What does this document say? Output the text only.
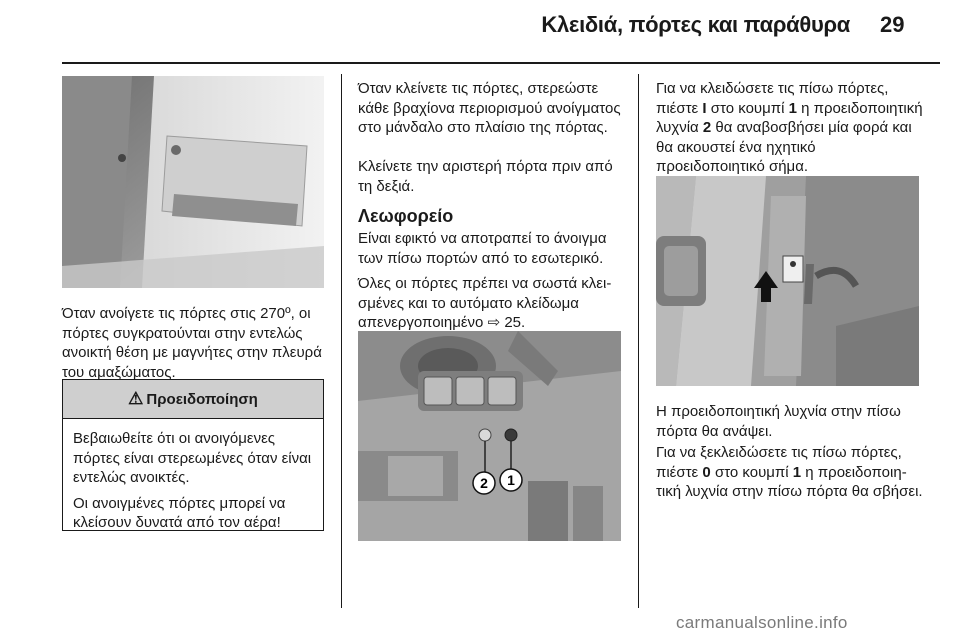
Κλειδιά, πόρτες και παράθυρα 29
Όταν ανοίγετε τις πόρτες στις 270º, οι πόρτες συγκρατούνται στην εντελώς ανοικτή θέση με μαγνήτες στην πλευρά του αμαξώματος.
⚠ Προειδοποίηση

Βεβαιωθείτε ότι οι ανοιγόμενες πόρτες είναι στερεωμένες όταν είναι εντελώς ανοικτές.

Οι ανοιγμένες πόρτες μπορεί να κλείσουν δυνατά από τον αέρα!

Όταν κλείνετε τις πόρτες, στερεώστε κάθε βραχίονα περιορισμού ανοίγματος στο μάνδαλο στο πλαίσιο της πόρτας.
Κλείνετε την αριστερή πόρτα πριν από τη δεξιά.
Λεωφορείο
Είναι εφικτό να αποτραπεί το άνοιγμα των πίσω πορτών από το εσωτερικό.
Όλες οι πόρτες πρέπει να σωστά κλεισμένες και το αυτόματο κλείδωμα απενεργοποιημένο ⇨ 25.
2 1
Για να κλειδώσετε τις πίσω πόρτες, πιέστε I στο κουμπί 1 η προειδοποιητική λυχνία 2 θα αναβοσβήσει μία φορά και θα ακουστεί ένα ηχητικό προειδοποιητικό σήμα.
Η προειδοποιητική λυχνία στην πίσω πόρτα θα ανάψει.
Για να ξεκλειδώσετε τις πίσω πόρτες, πιέστε 0 στο κουμπί 1 η προειδοποιητική λυχνία στην πίσω πόρτα θα σβήσει.
carmanualsonline.info
